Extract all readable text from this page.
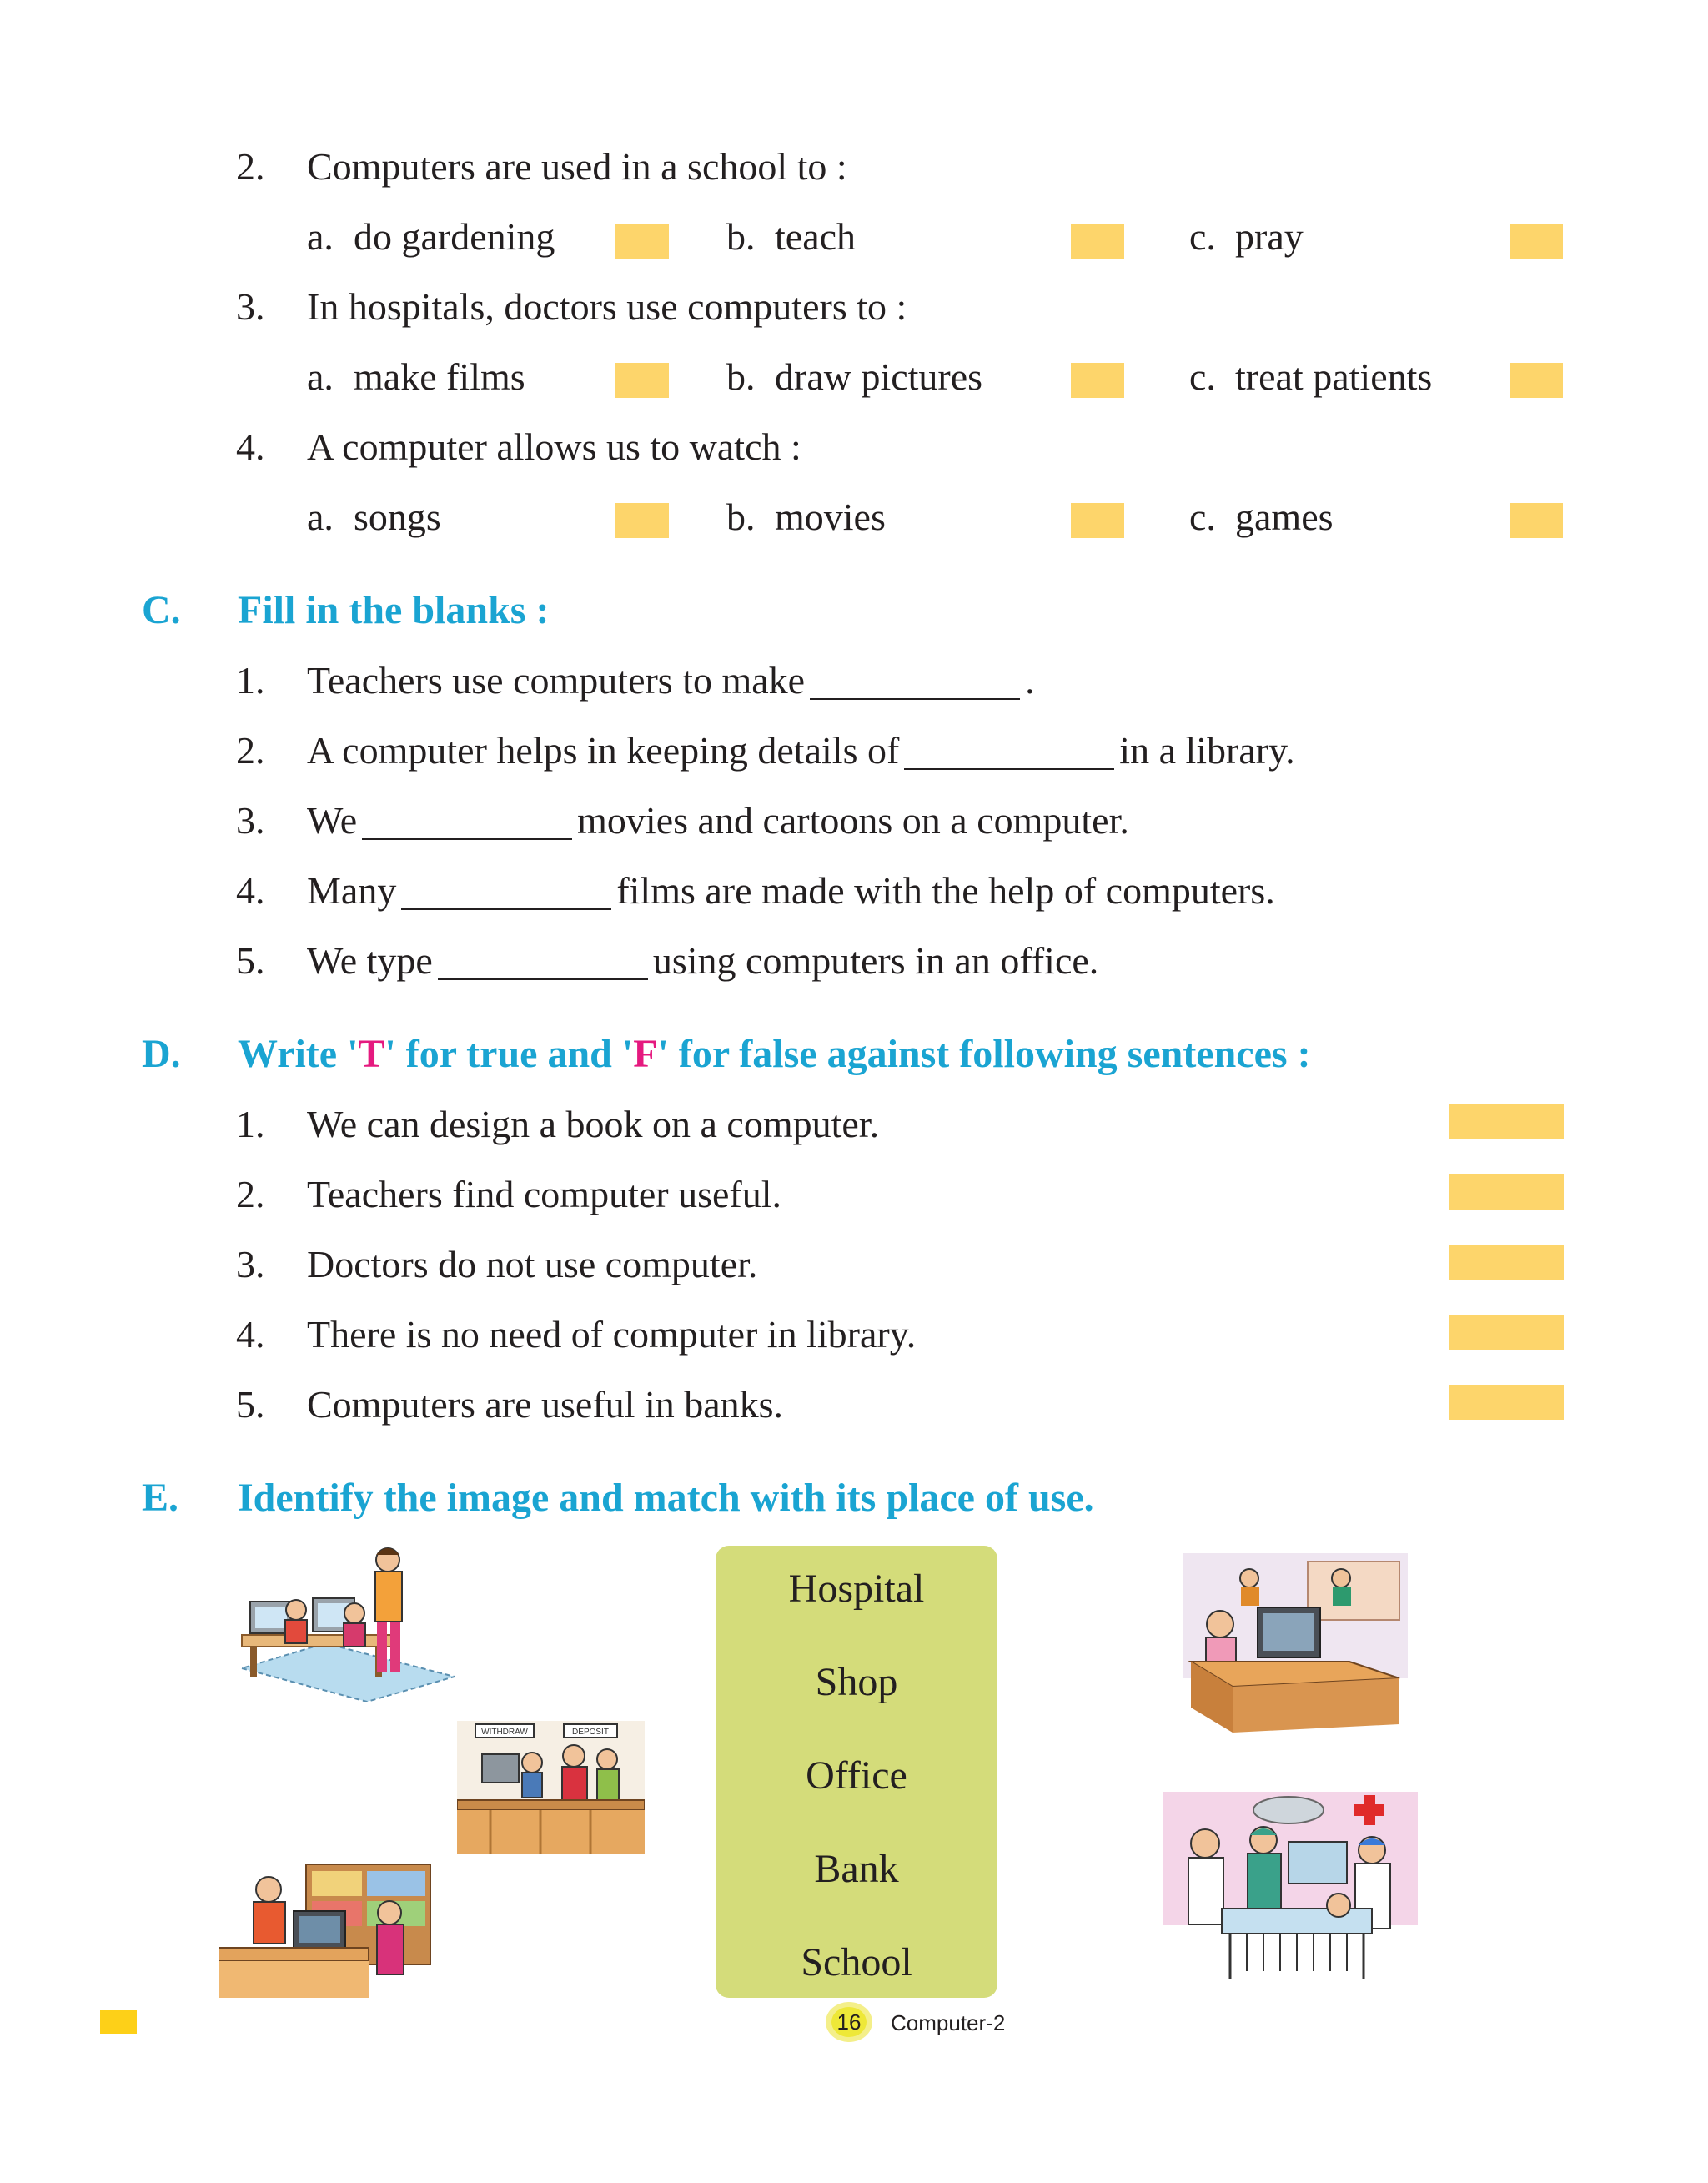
2. Computers are used in a school to :
a. do gardening	b. teach	c. pray
3. In hospitals, doctors use computers to :
a. make films	b. draw pictures	c. treat patients
4. A computer allows us to watch :
a. songs	b. movies	c. games
C. Fill in the blanks :
1. Teachers use computers to make	.
2. A computer helps in keeping details of	in a library.
3. We	movies and cartoons on a computer.
4. Many	films are made with the help of computers.
5. We type	using computers in an office.
D. Write 'T' for true and 'F' for false against following sentences :
1. We can design a book on a computer.
2. Teachers find computer useful.
3. Doctors do not use computer.
4. There is no need of computer in library.
5. Computers are useful in banks.
E. Identify the image and match with its place of use.
Hospital
Shop
Office
Bank
School
WITHDRAW	DEPOSIT
16 Computer-2
